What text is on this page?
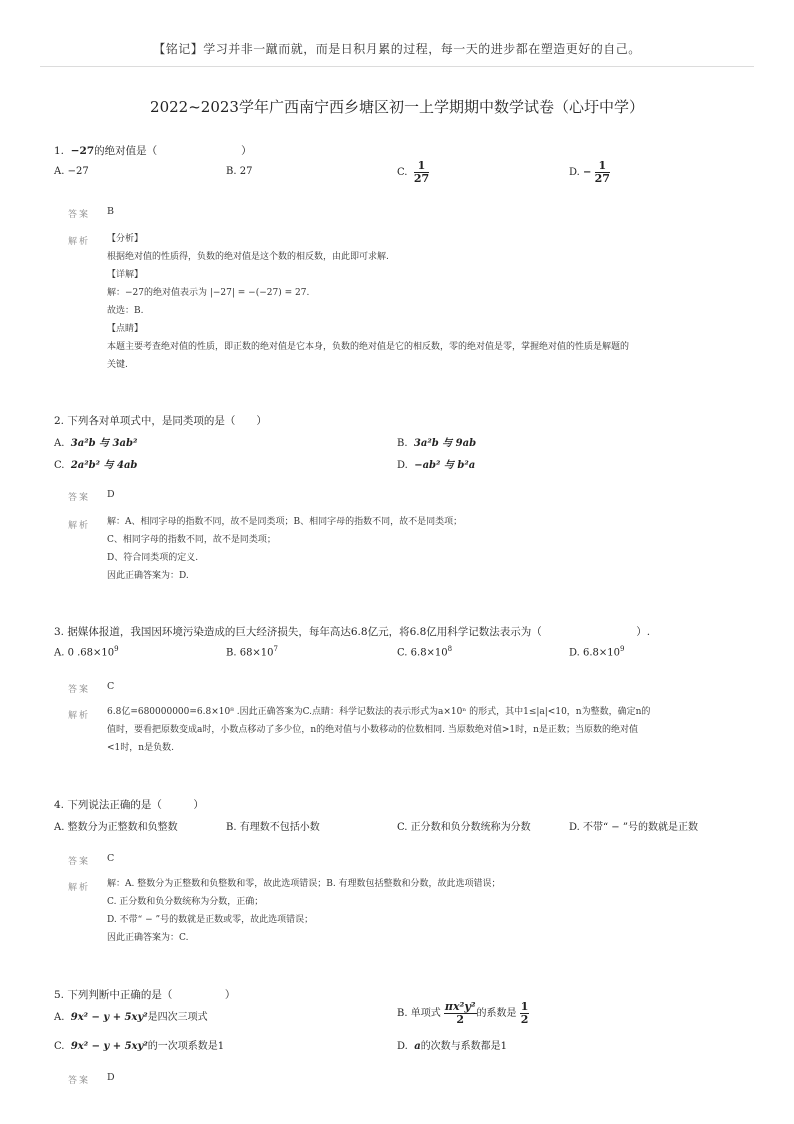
【铭记】学习并非一蹴而就，而是日积月累的过程，每一天的进步都在塑造更好的自己。
2022~2023学年广西南宁西乡塘区初一上学期期中数学试卷（心圩中学）
1. −27的绝对值是（　　　　　　　　）
A. −27	B. 27	C. $\frac{1}{27}$	D. − $\frac{1}{27}$
答案 B
解析 【分析】
根据绝对值的性质得，负数的绝对值是这个数的相反数，由此即可求解.
【详解】
解：−27的绝对值表示为 |−27| = −(−27) = 27.
故选：B.
【点睛】
本题主要考查绝对值的性质，即正数的绝对值是它本身，负数的绝对值是它的相反数，零的绝对值是零，掌握绝对值的性质是解题的
关键.
2. 下列各对单项式中，是同类项的是（　　）
A. 3a²b 与 3ab²	B. 3a²b 与 9ab
C. 2a²b² 与 4ab	D. −ab² 与 b²a
答案 D
解析 解：A、相同字母的指数不同，故不是同类项；B、相同字母的指数不同，故不是同类项；
C、相同字母的指数不同，故不是同类项；
D、符合同类项的定义.
因此正确答案为：D.
3. 据媒体报道，我国因环境污染造成的巨大经济损失，每年高达6.8亿元，将6.8亿用科学记数法表示为（　　　　　　　　　）.
A. 0 $.68\times 10^9$	B. $68\times 10^7$	C. $6.8\times 10^8$	D. $6.8\times 10^9$
答案 C
解析 6.8亿=680000000=6.8×10⁸ .因此正确答案为C.点睛：科学记数法的表示形式为a×10ⁿ 的形式，其中1≤|a|<10，n为整数，确定n的
值时，要看把原数变成a时，小数点移动了多少位，n的绝对值与小数移动的位数相同. 当原数绝对值>1时，n是正数；当原数的绝对值
<1时，n是负数.
4. 下列说法正确的是（　　　）
A. 整数分为正整数和负整数	B. 有理数不包括小数	C. 正分数和负分数统称为分数	D. 不带“ − ”号的数就是正数
答案 C
解析 解：A. 整数分为正整数和负整数和零，故此选项错误；B. 有理数包括整数和分数，故此选项错误；
C. 正分数和负分数统称为分数，正确；
D. 不带“ − ”号的数就是正数或零，故此选项错误；
因此正确答案为：C.
5. 下列判断中正确的是（　　　　　）
A. 9x² − y + 5xy²是四次三项式	B. 单项式 $\frac{\text{πx²y²}}{2}$ 的系数是 $\frac{1}{2}$
C. 9x² − y + 5xy²的一次项系数是1	D. a的次数与系数都是1
答案 D
